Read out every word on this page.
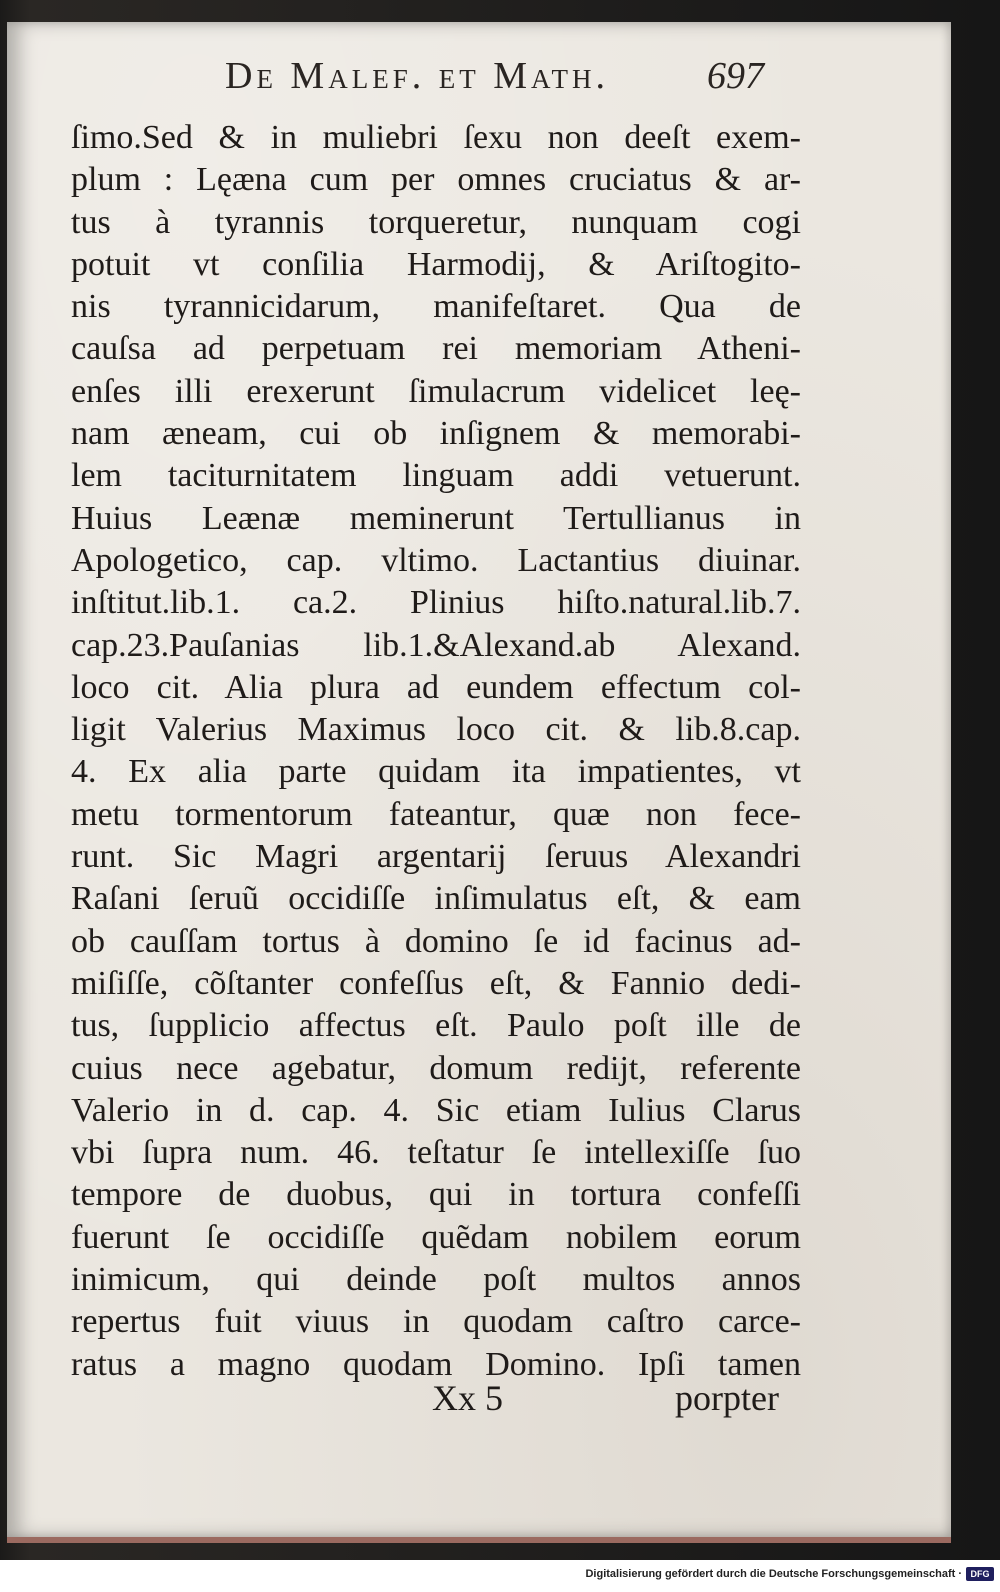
De Malef. et Math.	697
ſimo.Sed & in muliebri ſexu non deeſt exem-
plum : Lęæna cum per omnes cruciatus & ar-
tus à tyrannis torqueretur, nunquam cogi
potuit vt conſilia Harmodij, & Ariſtogito-
nis tyrannicidarum, manifeſtaret. Qua de
cauſsa ad perpetuam rei memoriam Atheni-
enſes illi erexerunt ſimulacrum videlicet leę-
nam æneam, cui ob inſignem & memorabi-
lem taciturnitatem linguam addi vetuerunt.
Huius Leænæ meminerunt Tertullianus in
Apologetico, cap. vltimo. Lactantius diuinar.
inſtitut.lib.1. ca.2. Plinius hiſto.natural.lib.7.
cap.23.Pauſanias lib.1.&Alexand.ab Alexand.
loco cit. Alia plura ad eundem effectum col-
ligit Valerius Maximus loco cit. & lib.8.cap.
4. Ex alia parte quidam ita impatientes, vt
metu tormentorum fateantur, quæ non fece-
runt. Sic Magri argentarij ſeruus Alexandri
Raſani ſeruũ occidiſſe inſimulatus eſt, & eam
ob cauſſam tortus à domino ſe id facinus ad-
miſiſſe, cõſtanter confeſſus eſt, & Fannio dedi-
tus, ſupplicio affectus eſt. Paulo poſt ille de
cuius nece agebatur, domum redijt, referente
Valerio in d. cap. 4. Sic etiam Iulius Clarus
vbi ſupra num. 46. teſtatur ſe intellexiſſe ſuo
tempore de duobus, qui in tortura confeſſi
fuerunt ſe occidiſſe quẽdam nobilem eorum
inimicum, qui deinde poſt multos annos
repertus fuit viuus in quodam caſtro carce-
ratus a magno quodam Domino. Ipſi tamen
Xx 5	porpter
Digitalisierung gefördert durch die Deutsche Forschungsgemeinschaft · DFG
